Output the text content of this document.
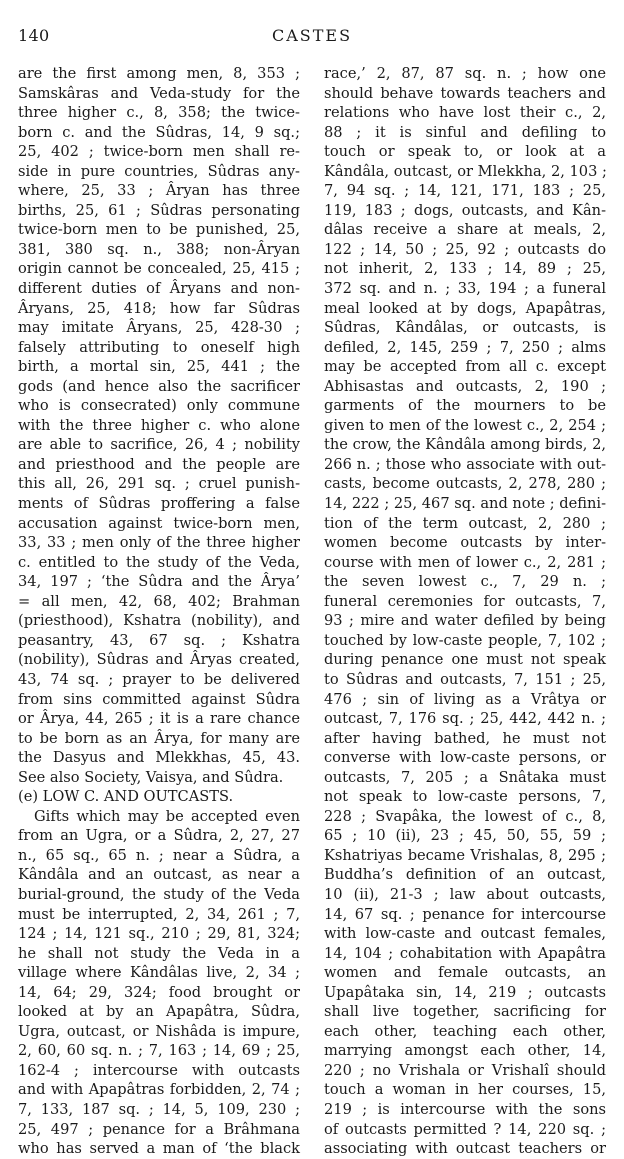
140	CASTES
are the first among men, 8, 353 ;
Samskâras and Veda-study for the
three higher c., 8, 358; the twice-
born c. and the Sûdras, 14, 9 sq.;
25, 402 ; twice-born men shall re-
side in pure countries, Sûdras any-
where, 25, 33 ; Âryan has three
births, 25, 61 ; Sûdras personating
twice-born men to be punished, 25,
381, 380 sq. n., 388; non-Âryan
origin cannot be concealed, 25, 415 ;
different duties of Âryans and non-
Âryans, 25, 418; how far Sûdras
may imitate Âryans, 25, 428-30 ;
falsely attributing to oneself high
birth, a mortal sin, 25, 441 ; the
gods (and hence also the sacrificer
who is consecrated) only commune
with the three higher c. who alone
are able to sacrifice, 26, 4 ; nobility
and priesthood and the people are
this all, 26, 291 sq. ; cruel punish-
ments of Sûdras proffering a false
accusation against twice-born men,
33, 33 ; men only of the three higher
c. entitled to the study of the Veda,
34, 197 ; ‘the Sûdra and the Ârya’
= all men, 42, 68, 402; Brahman
(priesthood), Kshatra (nobility), and
peasantry, 43, 67 sq. ; Kshatra
(nobility), Sûdras and Âryas created,
43, 74 sq. ; prayer to be delivered
from sins committed against Sûdra
or Ârya, 44, 265 ; it is a rare chance
to be born as an Ârya, for many are
the Dasyus and Mlekkhas, 45, 43.
See also Society, Vaisya, and Sûdra.
(e) LOW C. AND OUTCASTS.
Gifts which may be accepted even
from an Ugra, or a Sûdra, 2, 27, 27
n., 65 sq., 65 n. ; near a Sûdra, a
Kândâla and an outcast, as near a
burial-ground, the study of the Veda
must be interrupted, 2, 34, 261 ; 7,
124 ; 14, 121 sq., 210 ; 29, 81, 324;
he shall not study the Veda in a
village where Kândâlas live, 2, 34 ;
14, 64; 29, 324; food brought or
looked at by an Apapâtra, Sûdra,
Ugra, outcast, or Nishâda is impure,
2, 60, 60 sq. n. ; 7, 163 ; 14, 69 ; 25,
162-4 ; intercourse with outcasts
and with Apapâtras forbidden, 2, 74 ;
7, 133, 187 sq. ; 14, 5, 109, 230 ;
25, 497 ; penance for a Brâhmana
who has served a man of ‘the black
race,’ 2, 87, 87 sq. n. ; how one
should behave towards teachers and
relations who have lost their c., 2,
88 ; it is sinful and defiling to
touch or speak to, or look at a
Kândâla, outcast, or Mlekkha, 2, 103 ;
7, 94 sq. ; 14, 121, 171, 183 ; 25,
119, 183 ; dogs, outcasts, and Kân-
dâlas receive a share at meals, 2,
122 ; 14, 50 ; 25, 92 ; outcasts do
not inherit, 2, 133 ; 14, 89 ; 25,
372 sq. and n. ; 33, 194 ; a funeral
meal looked at by dogs, Apapâtras,
Sûdras, Kândâlas, or outcasts, is
defiled, 2, 145, 259 ; 7, 250 ; alms
may be accepted from all c. except
Abhisastas and outcasts, 2, 190 ;
garments of the mourners to be
given to men of the lowest c., 2, 254 ;
the crow, the Kândâla among birds, 2,
266 n. ; those who associate with out-
casts, become outcasts, 2, 278, 280 ;
14, 222 ; 25, 467 sq. and note ; defini-
tion of the term outcast, 2, 280 ;
women become outcasts by inter-
course with men of lower c., 2, 281 ;
the seven lowest c., 7, 29 n. ;
funeral ceremonies for outcasts, 7,
93 ; mire and water defiled by being
touched by low-caste people, 7, 102 ;
during penance one must not speak
to Sûdras and outcasts, 7, 151 ; 25,
476 ; sin of living as a Vrâtya or
outcast, 7, 176 sq. ; 25, 442, 442 n. ;
after having bathed, he must not
converse with low-caste persons, or
outcasts, 7, 205 ; a Snâtaka must
not speak to low-caste persons, 7,
228 ; Svapâka, the lowest of c., 8,
65 ; 10 (ii), 23 ; 45, 50, 55, 59 ;
Kshatriyas became Vrishalas, 8, 295 ;
Buddha’s definition of an outcast,
10 (ii), 21-3 ; law about outcasts,
14, 67 sq. ; penance for intercourse
with low-caste and outcast females,
14, 104 ; cohabitation with Apapâtra
women and female outcasts, an
Upapâtaka sin, 14, 219 ; outcasts
shall live together, sacrificing for
each other, teaching each other,
marrying amongst each other, 14,
220 ; no Vrishala or Vrishalî should
touch a woman in her courses, 15,
219 ; is intercourse with the sons
of outcasts permitted ? 14, 220 sq. ;
associating with outcast teachers or
